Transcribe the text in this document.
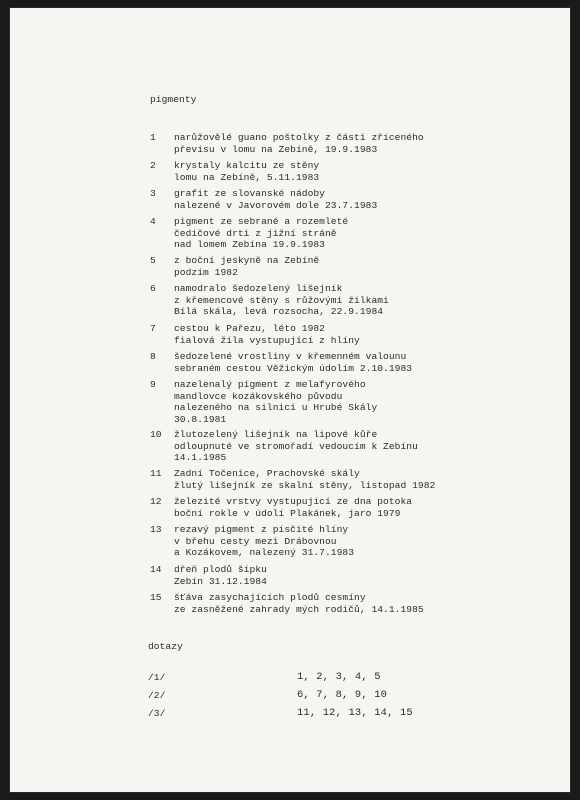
pigmenty
1	narůžovělé guano poštolky z části zříceného
převisu v lomu na Zebíně, 19.9.1983
2	krystaly kalcitu ze stěny
lomu na Zebíně, 5.11.1983
3	grafit ze slovanské nádoby
nalezené v Javorovém dole 23.7.1983
4	pigment ze sebrané a rozemleté
čedičové drti z jižní stráně
nad lomem Zebína 19.9.1983
5	z boční jeskyně na Zebíně
podzim 1982
6	namodralo šedozelený lišejník
z křemencové stěny s růžovými žilkami
Bílá skála, levá rozsocha, 22.9.1984
7	cestou k Pařezu, léto 1982
fialová žíla vystupující z hlíny
8	šedozelené vrostliny v křemenném valounu
sebraném cestou Věžickým údolím 2.10.1983
9	nazelenalý pigment z melafyrového
mandlovce kozákovského původu
nalezeného na silnici u Hrubé Skály
30.8.1981
10	žlutozelený lišejník na lipové kůře
odloupnuté ve stromořadí vedoucím k Zebínu
14.1.1985
11	Zadní Točenice, Prachovské skály
žlutý lišejník ze skalní stěny, listopad 1982
12	železité vrstvy vystupující ze dna potoka
boční rokle v údolí Plakánek, jaro 1979
13	rezavý pigment z písčité hlíny
v břehu cesty mezi Drábovnou
a Kozákovem, nalezený 31.7.1983
14	dřeň plodů šípku
Zebín 31.12.1984
15	šťáva zasychajících plodů cesmíny
ze zasněžené zahrady mých rodičů, 14.1.1985
dotazy
/1/	1, 2, 3, 4, 5
/2/	6, 7, 8, 9, 10
/3/	11, 12, 13, 14, 15
